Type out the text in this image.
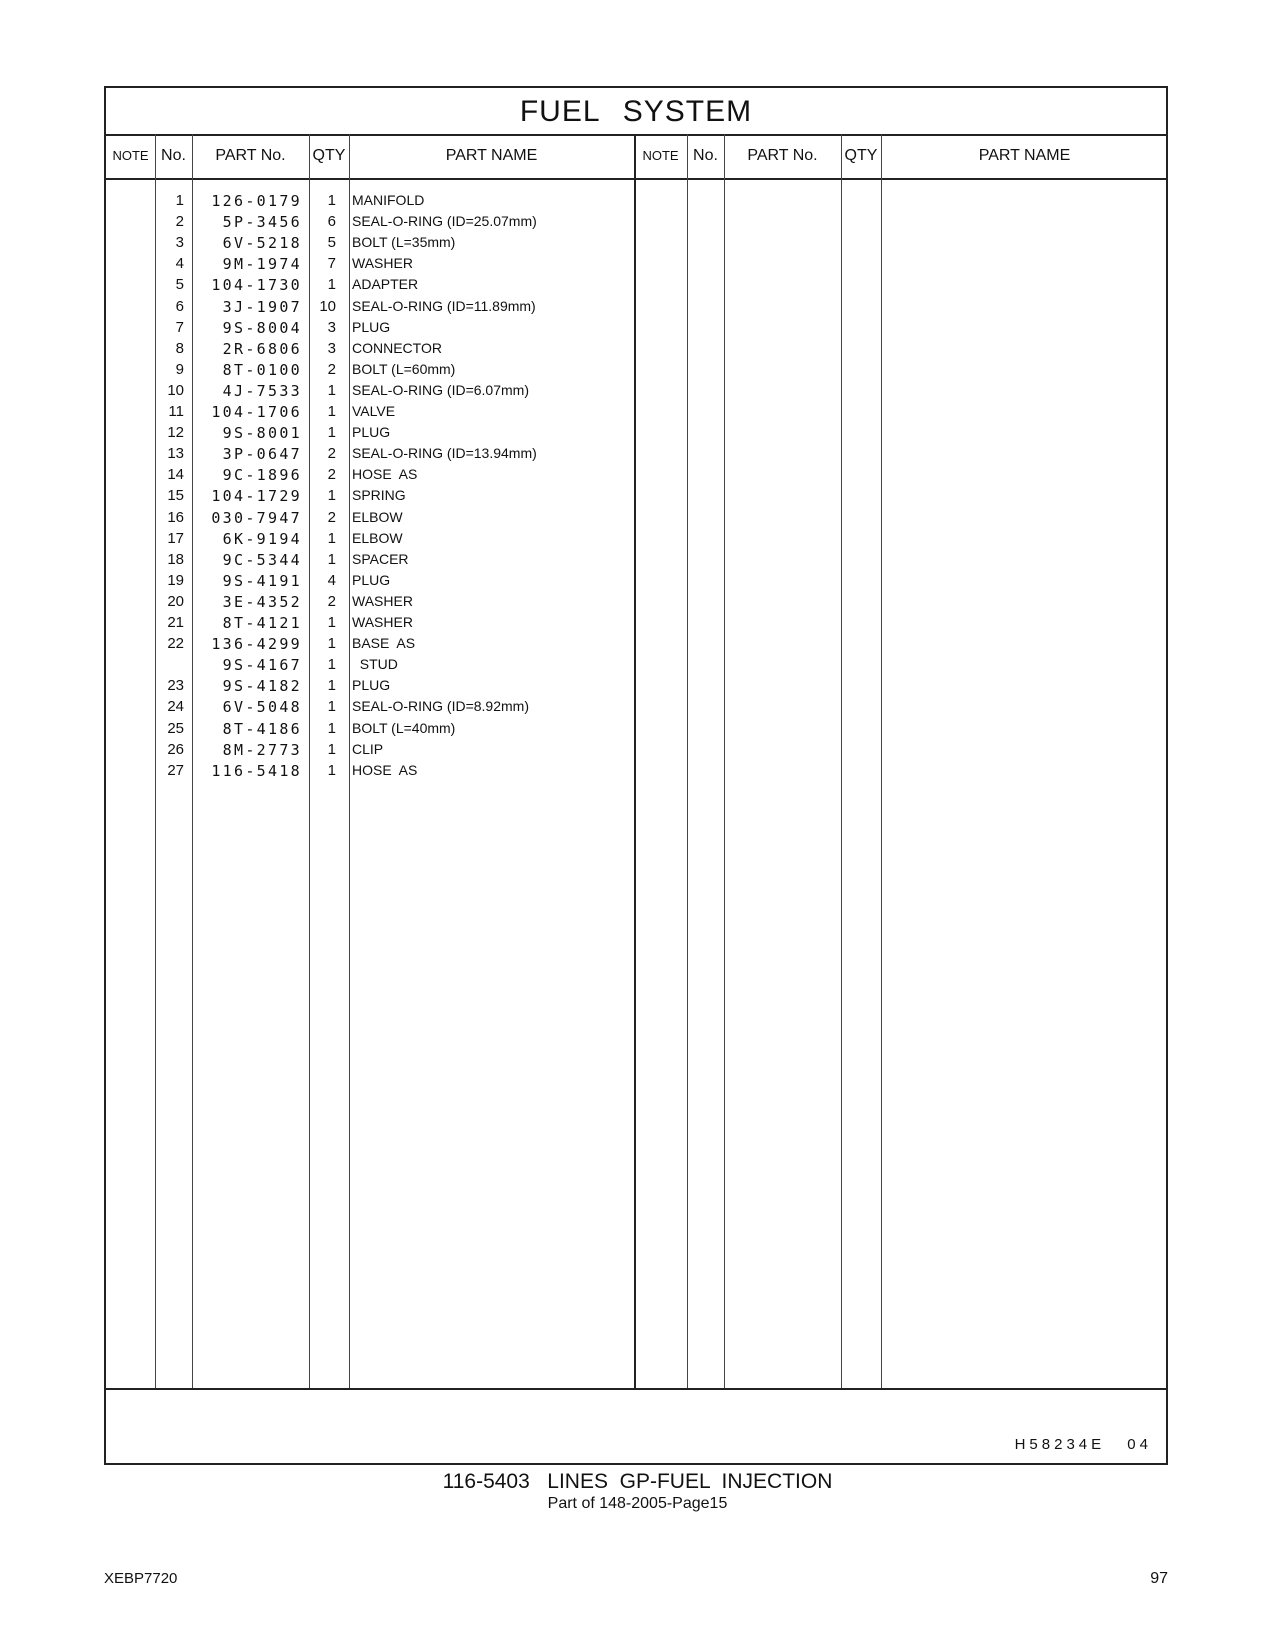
FUEL SYSTEM
NOTE No.	PART No.	QTY	PART NAME	NOTE No.	PART No.	QTY	PART NAME
1	126-0179	1 MANIFOLD
2	5P-3456	6 SEAL-O-RING (ID=25.07mm)
3	6V-5218	5 BOLT (L=35mm)
4	9M-1974	7 WASHER
5	104-1730	1 ADAPTER
6	3J-1907	10 SEAL-O-RING (ID=11.89mm)
7	9S-8004	3 PLUG
8	2R-6806	3 CONNECTOR
9	8T-0100	2 BOLT (L=60mm)
10	4J-7533	1 SEAL-O-RING (ID=6.07mm)
11	104-1706	1 VALVE
12	9S-8001	1 PLUG
13	3P-0647	2 SEAL-O-RING (ID=13.94mm)
14	9C-1896	2 HOSE  AS
15	104-1729	1 SPRING
16	030-7947	2 ELBOW
17	6K-9194	1 ELBOW
18	9C-5344	1 SPACER
19	9S-4191	4 PLUG
20	3E-4352	2 WASHER
21	8T-4121	1 WASHER
22	136-4299	1 BASE  AS
9S-4167	1 STUD
23	9S-4182	1 PLUG
24	6V-5048	1 SEAL-O-RING (ID=8.92mm)
25	8T-4186	1 BOLT (L=40mm)
26	8M-2773	1 CLIP
27	116-5418	1 HOSE  AS
H58234E 04
116-5403   LINES  GP-FUEL  INJECTION
Part of 148-2005-Page15
XEBP7720	97
